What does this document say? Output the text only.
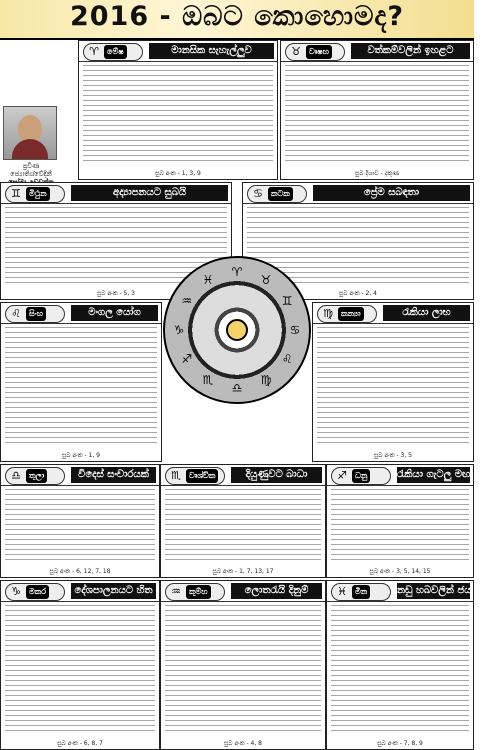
2016 - ඔබට කොහොමද?
ප්‍රවීණ ජ්‍යොතිශ්වේදිනී
♈	මේෂ	මානසික සැහැල්ලුව
සුබ අංක - 1, 3, 9
♉	වෘෂභ	වත්කම්වලින් ඉහළට
සුබ දිශාව - දකුණ
♊	මිථුන	අද්‍යාපනයට සුබයි
සුබ අංක - 5, 3
♋	කටක	ප්‍රේම සබඳතා
සුබ අංක - 2, 4
♌	සිංහ	මංගල යෝග
සුබ අංක - 1, 9
♍	කන්‍යා	රැකියා ලාභ
සුබ අංක - 3, 5
♎	තුලා	විදෙස් සංචාරයක්
සුබ අංක - 6, 12, 7, 18
♏	වෘශ්චික	දියුණුවට බාධා
සුබ අංක - 1, 7, 13, 17
♐	ධනු	රැකියා ගැටලු මඟ හැරේ
සුබ අංක - 3, 5, 14, 15
♑	මකර	දේශපාලනයට හිත
සුබ අංක - 6, 8, 7
♒	කුම්භ	ලොතරැයි දිනුම්
සුබ අංක - 4, 8
♓	මීන	නඩු හබවලින් ජය
සුබ අංක - 7, 8, 9
♈
♉
♊
♋
♌
♍
♎
♏
♐
♑
♒
♓
